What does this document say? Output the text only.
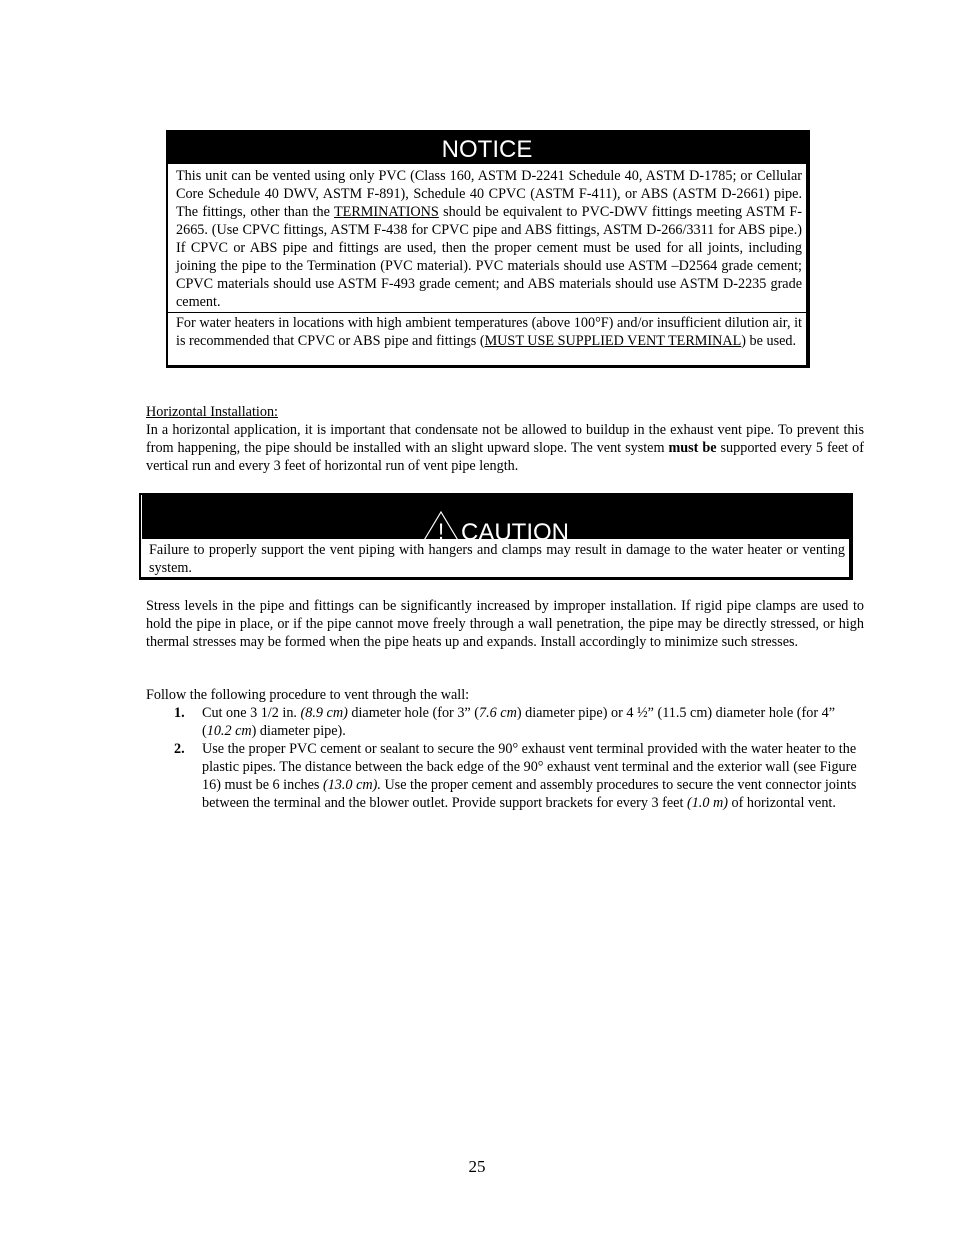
NOTICE
This unit can be vented using only PVC (Class 160, ASTM D-2241 Schedule 40, ASTM D-1785; or Cellular Core Schedule 40 DWV, ASTM F-891), Schedule 40 CPVC (ASTM F-411), or ABS (ASTM D-2661) pipe. The fittings, other than the TERMINATIONS should be equivalent to PVC-DWV fittings meeting ASTM F-2665. (Use CPVC fittings, ASTM F-438 for CPVC pipe and ABS fittings, ASTM D-266/3311 for ABS pipe.) If CPVC or ABS pipe and fittings are used, then the proper cement must be used for all joints, including joining the pipe to the Termination (PVC material). PVC materials should use ASTM –D2564 grade cement; CPVC materials should use ASTM F-493 grade cement; and ABS materials should use ASTM D-2235 grade cement.
For water heaters in locations with high ambient temperatures (above 100°F) and/or insufficient dilution air, it is recommended that CPVC or ABS pipe and fittings (MUST USE SUPPLIED VENT TERMINAL) be used.
Horizontal Installation:
In a horizontal application, it is important that condensate not be allowed to buildup in the exhaust vent pipe. To prevent this from happening, the pipe should be installed with an slight upward slope. The vent system must be supported every 5 feet of vertical run and every 3 feet of horizontal run of vent pipe length.
! CAUTION
Failure to properly support the vent piping with hangers and clamps may result in damage to the water heater or venting system.
Stress levels in the pipe and fittings can be significantly increased by improper installation. If rigid pipe clamps are used to hold the pipe in place, or if the pipe cannot move freely through a wall penetration, the pipe may be directly stressed, or high thermal stresses may be formed when the pipe heats up and expands. Install accordingly to minimize such stresses.
Follow the following procedure to vent through the wall:
1. Cut one 3 1/2 in. (8.9 cm) diameter hole (for 3” (7.6 cm) diameter pipe) or 4 ½” (11.5 cm) diameter hole (for 4” (10.2 cm) diameter pipe).
2. Use the proper PVC cement or sealant to secure the 90° exhaust vent terminal provided with the water heater to the plastic pipes. The distance between the back edge of the 90° exhaust vent terminal and the exterior wall (see Figure 16) must be 6 inches (13.0 cm). Use the proper cement and assembly procedures to secure the vent connector joints between the terminal and the blower outlet. Provide support brackets for every 3 feet (1.0 m) of horizontal vent.
25
